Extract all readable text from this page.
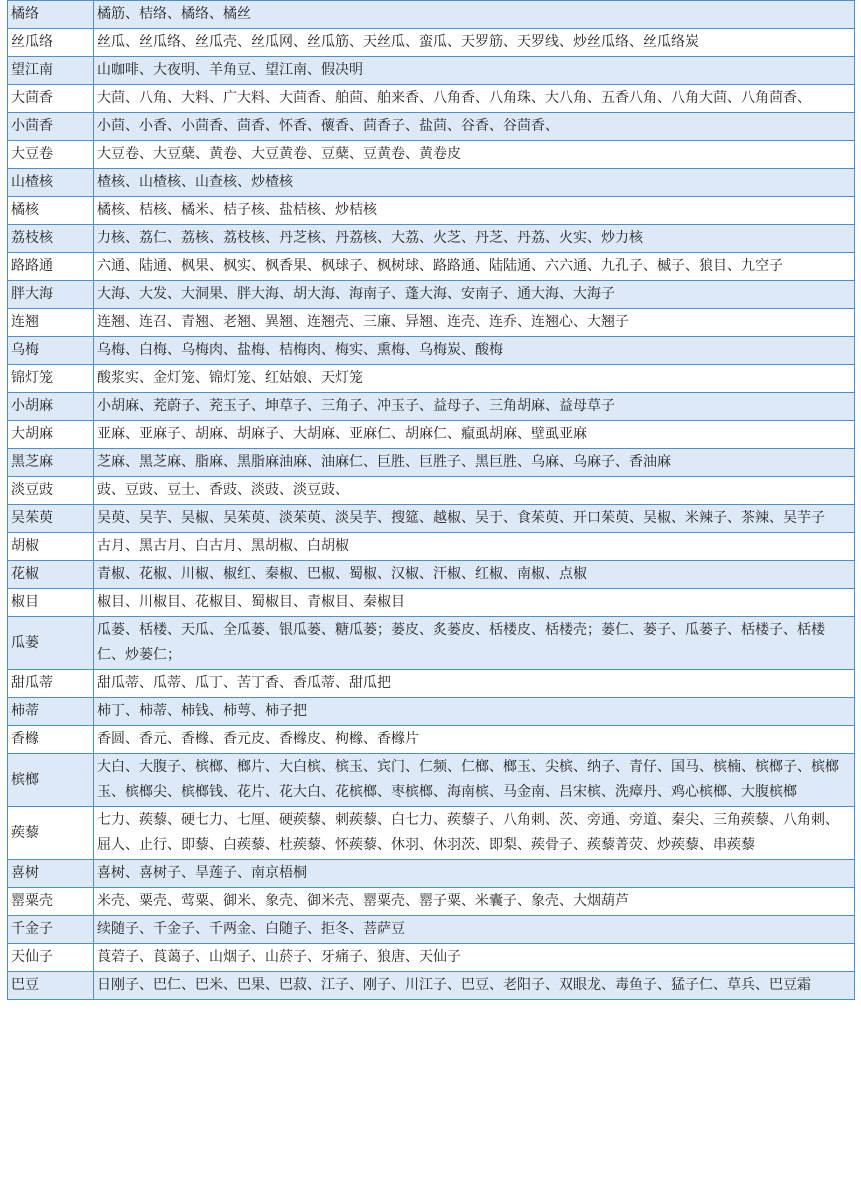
橘络	橘筋、桔络、橘络、橘丝
丝瓜络	丝瓜、丝瓜络、丝瓜壳、丝瓜网、丝瓜筋、天丝瓜、蛮瓜、天罗筋、天罗线、炒丝瓜络、丝瓜络炭
望江南	山咖啡、大夜明、羊角豆、望江南、假决明
大茴香	大茴、八角、大料、广大料、大茴香、舶茴、舶来香、八角香、八角珠、大八角、五香八角、八角大茴、八角茴香、
小茴香	小茴、小香、小茴香、茴香、怀香、蘹香、茴香子、盐茴、谷香、谷茴香、
大豆卷	大豆卷、大豆蘖、黄卷、大豆黄卷、豆蘖、豆黄卷、黄卷皮
山楂核	楂核、山楂核、山查核、炒楂核
橘核	橘核、桔核、橘米、桔子核、盐桔核、炒桔核
荔枝核	力核、荔仁、荔核、荔枝核、丹芝核、丹荔核、大荔、火芝、丹芝、丹荔、火实、炒力核
路路通	六通、陆通、枫果、枫实、枫香果、枫球子、枫树球、路路通、陆陆通、六六通、九孔子、槭子、狼目、九空子
胖大海	大海、大发、大洞果、胖大海、胡大海、海南子、蓬大海、安南子、通大海、大海子
连翘	连翘、连召、青翘、老翘、異翘、连翘壳、三廉、异翘、连壳、连乔、连翘心、大翘子
乌梅	乌梅、白梅、乌梅肉、盐梅、桔梅肉、梅实、熏梅、乌梅炭、酸梅
锦灯笼	酸浆实、金灯笼、锦灯笼、红姑娘、天灯笼
小胡麻	小胡麻、茺蔚子、茺玉子、坤草子、三角子、冲玉子、益母子、三角胡麻、益母草子
大胡麻	亚麻、亚麻子、胡麻、胡麻子、大胡麻、亚麻仁、胡麻仁、癙虱胡麻、壁虱亚麻
黑芝麻	芝麻、黑芝麻、脂麻、黑脂麻油麻、油麻仁、巨胜、巨胜子、黑巨胜、乌麻、乌麻子、香油麻
淡豆豉	豉、豆豉、豆士、香豉、淡豉、淡豆豉、
吴茱萸	吴萸、吴芋、吴椒、吴茱萸、淡茱萸、淡吴芋、搜筵、越椒、吴于、食茱萸、开口茱萸、吴椒、米辣子、茶辣、吴芋子
胡椒	古月、黑古月、白古月、黑胡椒、白胡椒
花椒	青椒、花椒、川椒、椒红、秦椒、巴椒、蜀椒、汉椒、汗椒、红椒、南椒、点椒
椒目	椒目、川椒目、花椒目、蜀椒目、青椒目、秦椒目
瓜蒌	瓜蒌、栝楼、天瓜、全瓜蒌、银瓜蒌、糖瓜蒌；蒌皮、炙蒌皮、栝楼皮、栝楼壳；蒌仁、蒌子、瓜蒌子、栝楼子、栝楼仁、炒蒌仁；
甜瓜蒂	甜瓜蒂、瓜蒂、瓜丁、苦丁香、香瓜蒂、甜瓜把
柿蒂	柿丁、柿蒂、柿钱、柿萼、柿子把
香橼	香圆、香元、香橼、香元皮、香橼皮、枸橼、香橼片
槟榔	大白、大腹子、槟榔、榔片、大白槟、槟玉、宾门、仁频、仁榔、榔玉、尖槟、纳子、青仔、国马、槟楠、槟榔子、槟榔玉、槟榔尖、槟榔钱、花片、花大白、花槟榔、枣槟榔、海南槟、马金南、吕宋槟、洗瘴丹、鸡心槟榔、大腹槟榔
蒺藜	七力、蒺藜、硬七力、七厘、硬蒺藜、刺蒺藜、白七力、蒺藜子、八角刺、茨、旁通、旁道、秦尖、三角蒺藜、八角刺、屈人、止行、即藜、白蒺藜、杜蒺藜、怀蒺藜、休羽、休羽茨、即梨、蒺骨子、蒺藜菁荧、炒蒺藜、串蒺藜
喜树	喜树、喜树子、旱莲子、南京梧桐
罂粟壳	米壳、粟壳、莺粟、御米、象壳、御米壳、罂粟壳、罂子粟、米囊子、象壳、大烟葫芦
千金子	续随子、千金子、千两金、白随子、拒冬、菩萨豆
天仙子	莨菪子、莨蔼子、山烟子、山菸子、牙痛子、狼唐、天仙子
巴豆	日刚子、巴仁、巴米、巴果、巴菽、江子、刚子、川江子、巴豆、老阳子、双眼龙、毒鱼子、猛子仁、草兵、巴豆霜
